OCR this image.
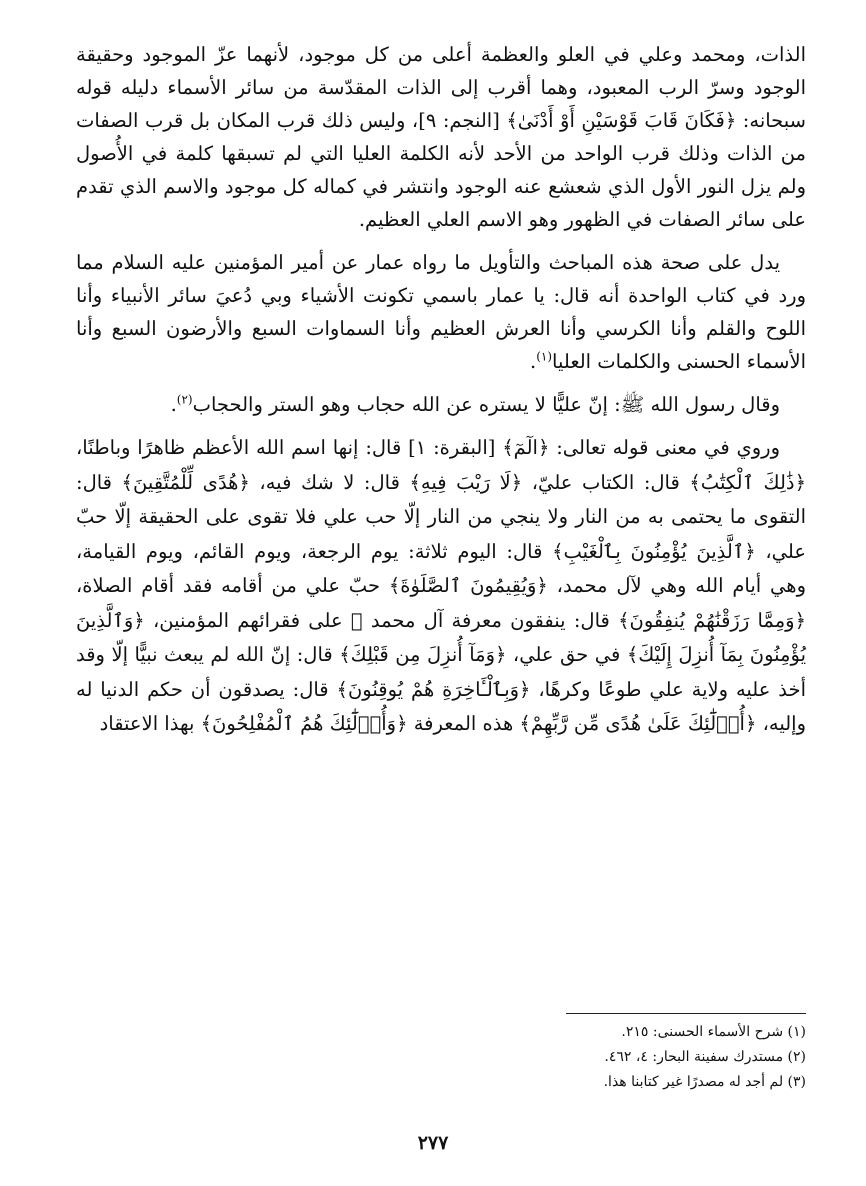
الذات، ومحمد وعلي في العلو والعظمة أعلى من كل موجود، لأنهما عزّ الموجود وحقيقة الوجود وسرّ الرب المعبود، وهما أقرب إلى الذات المقدّسة من سائر الأسماء دليله قوله سبحانه: ﴿فَكَانَ قَابَ قَوْسَيْنِ أَوْ أَدْنَىٰ﴾ [النجم: ٩]، وليس ذلك قرب المكان بل قرب الصفات من الذات وذلك قرب الواحد من الأحد لأنه الكلمة العليا التي لم تسبقها كلمة في الأُصول ولم يزل النور الأول الذي شعشع عنه الوجود وانتشر في كماله كل موجود والاسم الذي تقدم على سائر الصفات في الظهور وهو الاسم العلي العظيم.

يدل على صحة هذه المباحث والتأويل ما رواه عمار عن أمير المؤمنين عليه السلام مما ورد في كتاب الواحدة أنه قال: يا عمار باسمي تكونت الأشياء وبي دُعيَ سائر الأنبياء وأنا اللوح والقلم وأنا الكرسي وأنا العرش العظيم وأنا السماوات السبع والأرضون السبع وأنا الأسماء الحسنى والكلمات العليا$^{(١)}$.

وقال رسول الله ﷺ: إنّ عليًّا لا يستره عن الله حجاب وهو الستر والحجاب$^{(٢)}$.

وروي في معنى قوله تعالى: ﴿الٓمٓ﴾ [البقرة: ١] قال: إنها اسم الله الأعظم ظاهرًا وباطنًا، ﴿ذَٰلِكَ ٱلْكِتَٰبُ﴾ قال: الكتاب عليّ، ﴿لَا رَيْبَ فِيهِ﴾ قال: لا شك فيه، ﴿هُدًى لِّلْمُتَّقِينَ﴾ قال: التقوى ما يحتمى به من النار ولا ينجي من النار إلّا حب علي فلا تقوى على الحقيقة إلّا حبّ علي، ﴿ٱلَّذِينَ يُؤْمِنُونَ بِٱلْغَيْبِ﴾ قال: اليوم ثلاثة: يوم الرجعة، ويوم القائم، ويوم القيامة، وهي أيام الله وهي لآل محمد، ﴿وَيُقِيمُونَ ٱلصَّلَوٰةَ﴾ حبّ علي من أقامه فقد أقام الصلاة، ﴿وَمِمَّا رَزَقْنَٰهُمْ يُنفِقُونَ﴾ قال: ينفقون معرفة آل محمد ﷺ على فقرائهم المؤمنين، ﴿وَٱلَّذِينَ يُؤْمِنُونَ بِمَآ أُنزِلَ إِلَيْكَ﴾ في حق علي، ﴿وَمَآ أُنزِلَ مِن قَبْلِكَ﴾ قال: إنّ الله لم يبعث نبيًّا إلّا وقد أخذ عليه ولاية علي طوعًا وكرهًا، ﴿وَبِٱلْـَٔاخِرَةِ هُمْ يُوقِنُونَ﴾ قال: يصدقون أن حكم الدنيا له وإليه، ﴿أُو۟لَٰٓئِكَ عَلَىٰ هُدًى مِّن رَّبِّهِمْ﴾ هذه المعرفة ﴿وَأُو۟لَٰٓئِكَ هُمُ ٱلْمُفْلِحُونَ﴾ بهذا الاعتقاد

(١) شرح الأسماء الحسنى: ٢١٥.
(٢) مستدرك سفينة البحار: ٤، ٤٦٢.
(٣) لم أجد له مصدرًا غير كتابنا هذا.
٢٧٧
